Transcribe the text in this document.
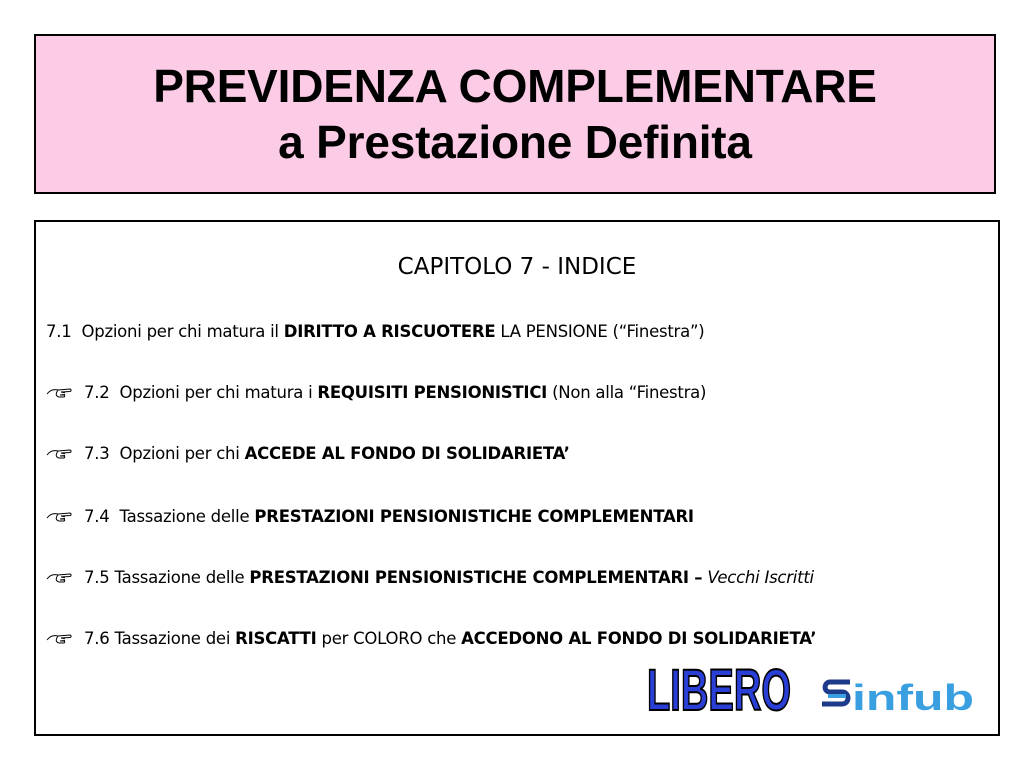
PREVIDENZA COMPLEMENTARE
a Prestazione Definita
CAPITOLO 7 - INDICE
7.1  Opzioni per chi matura il DIRITTO A RISCUOTERE LA PENSIONE (“Finestra”)
7.2  Opzioni per chi matura i REQUISITI PENSIONISTICI (Non alla “Finestra)
7.3  Opzioni per chi ACCEDE AL FONDO DI SOLIDARIETA’
7.4  Tassazione delle PRESTAZIONI PENSIONISTICHE COMPLEMENTARI
7.5 Tassazione delle PRESTAZIONI PENSIONISTICHE COMPLEMENTARI –
Vecchi Iscritti
7.6 Tassazione dei RISCATTI per COLORO che ACCEDONO AL FONDO DI SOLIDARIETA’
LIBERO infub
